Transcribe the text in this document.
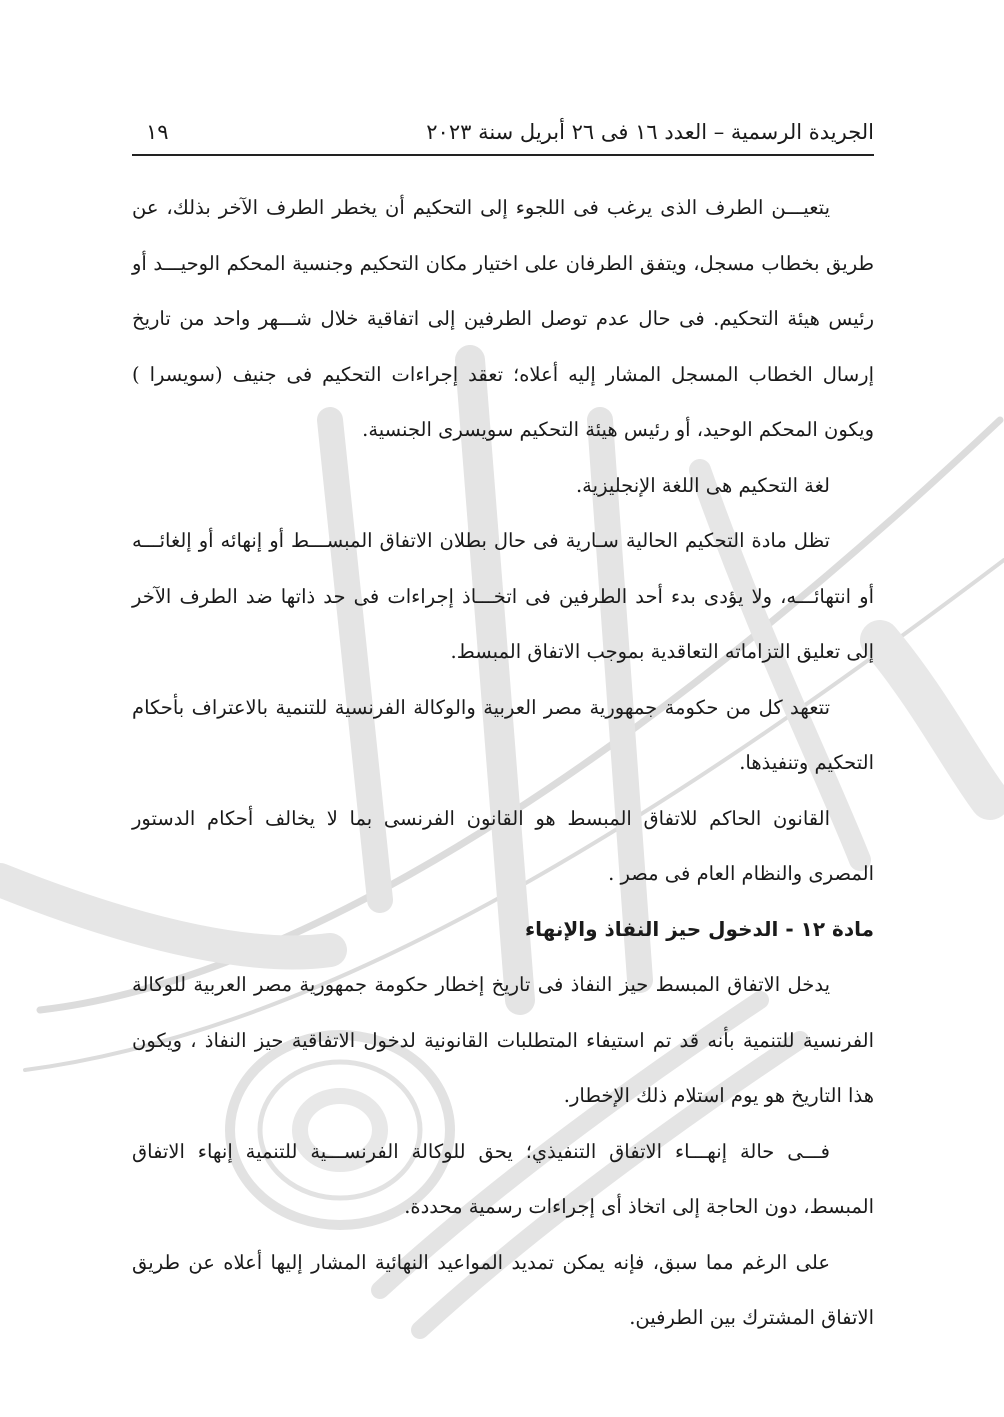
الجريدة الرسمية – العدد ١٦ فى ٢٦ أبريل سنة ٢٠٢٣
١٩

يتعيـــن الطرف الذى يرغب فى اللجوء إلى التحكيم أن يخطر الطرف الآخر بذلك، عن طريق بخطاب مسجل، ويتفق الطرفان على اختيار مكان التحكيم وجنسية المحكم الوحيـــد أو رئيس هيئة التحكيم. فى حال عدم توصل الطرفين إلى اتفاقية خلال شـــهر واحد من تاريخ إرسال الخطاب المسجل المشار إليه أعلاه؛ تعقد إجراءات التحكيم فى جنيف (سويسرا ) ويكون المحكم الوحيد، أو رئيس هيئة التحكيم سويسرى الجنسية.

لغة التحكيم هى اللغة الإنجليزية.

تظل مادة التحكيم الحالية سـارية فى حال بطلان الاتفاق المبســـط أو إنهائه أو إلغائـــه أو انتهائـــه، ولا يؤدى بدء أحد الطرفين فى اتخـــاذ إجراءات فى حد ذاتها ضد الطرف الآخر إلى تعليق التزاماته التعاقدية بموجب الاتفاق المبسط.

تتعهد كل من حكومة جمهورية مصر العربية والوكالة الفرنسية للتنمية بالاعتراف بأحكام التحكيم وتنفيذها.

القانون الحاكم للاتفاق المبسط هو القانون الفرنسى بما لا يخالف أحكام الدستور المصرى والنظام العام فى مصر .

مادة ١٢ - الدخول حيز النفاذ والإنهاء

يدخل الاتفاق المبسط حيز النفاذ فى تاريخ إخطار حكومة جمهورية مصر العربية للوكالة الفرنسية للتنمية بأنه قد تم استيفاء المتطلبات القانونية لدخول الاتفاقية حيز النفاذ ، ويكون هذا التاريخ هو يوم استلام ذلك الإخطار.

فـــى حالة إنهـــاء الاتفاق التنفيذي؛ يحق للوكالة الفرنســـية للتنمية إنهاء الاتفاق المبسط، دون الحاجة إلى اتخاذ أى إجراءات رسمية محددة.

على الرغم مما سبق، فإنه يمكن تمديد المواعيد النهائية المشار إليها أعلاه عن طريق الاتفاق المشترك بين الطرفين.
